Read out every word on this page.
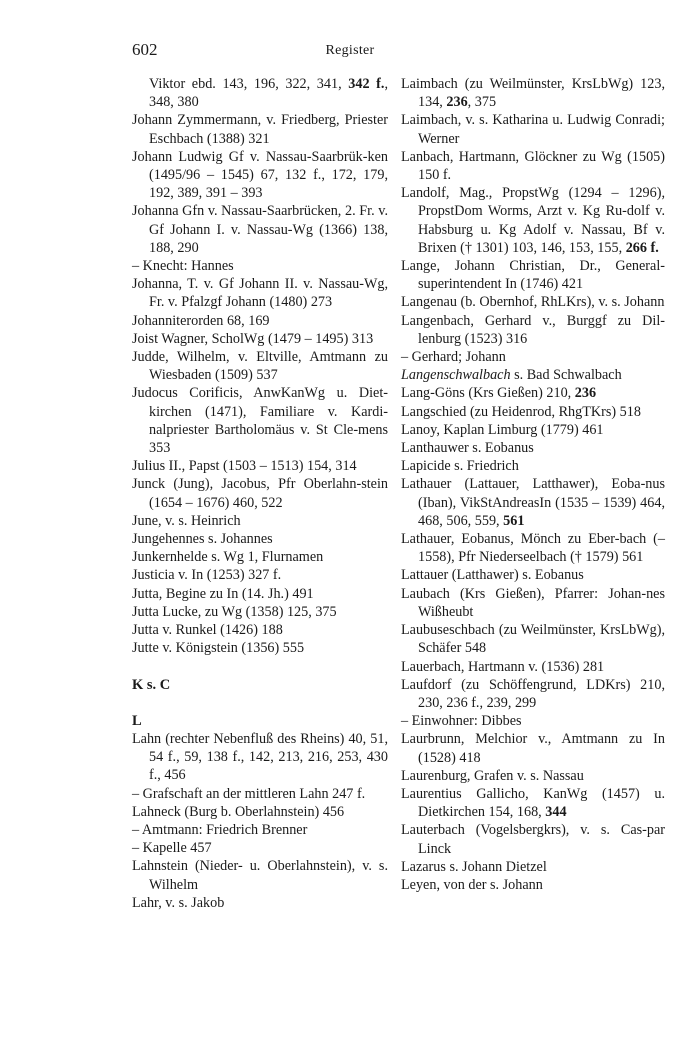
602	Register

Viktor ebd. 143, 196, 322, 341, 342 f., 348, 380

Johann Zymmermann, v. Friedberg, Priester Eschbach (1388) 321

Johann Ludwig Gf v. Nassau-Saarbrük-ken (1495/96 – 1545) 67, 132 f., 172, 179, 192, 389, 391 – 393

Johanna Gfn v. Nassau-Saarbrücken, 2. Fr. v. Gf Johann I. v. Nassau-Wg (1366) 138, 188, 290

– Knecht: Hannes

Johanna, T. v. Gf Johann II. v. Nassau-Wg, Fr. v. Pfalzgf Johann (1480) 273

Johanniterorden 68, 169

Joist Wagner, ScholWg (1479 – 1495) 313

Judde, Wilhelm, v. Eltville, Amtmann zu Wiesbaden (1509) 537

Judocus Corificis, AnwKanWg u. Diet-kirchen (1471), Familiare v. Kardi-nalpriester Bartholomäus v. St Cle-mens 353

Julius II., Papst (1503 – 1513) 154, 314

Junck (Jung), Jacobus, Pfr Oberlahn-stein (1654 – 1676) 460, 522

June, v. s. Heinrich

Jungehennes s. Johannes

Junkernhelde s. Wg 1, Flurnamen

Justicia v. In (1253) 327 f.

Jutta, Begine zu In (14. Jh.) 491

Jutta Lucke, zu Wg (1358) 125, 375

Jutta v. Runkel (1426) 188

Jutte v. Königstein (1356) 555

K s. C

L

Lahn (rechter Nebenfluß des Rheins) 40, 51, 54 f., 59, 138 f., 142, 213, 216, 253, 430 f., 456

– Grafschaft an der mittleren Lahn 247 f.

Lahneck (Burg b. Oberlahnstein) 456

– Amtmann: Friedrich Brenner

– Kapelle 457

Lahnstein (Nieder- u. Oberlahnstein), v. s. Wilhelm

Lahr, v. s. Jakob

Laimbach (zu Weilmünster, KrsLbWg) 123, 134, 236, 375

Laimbach, v. s. Katharina u. Ludwig Conradi; Werner

Lanbach, Hartmann, Glöckner zu Wg (1505) 150 f.

Landolf, Mag., PropstWg (1294 – 1296), PropstDom Worms, Arzt v. Kg Ru-dolf v. Habsburg u. Kg Adolf v. Nassau, Bf v. Brixen († 1301) 103, 146, 153, 155, 266 f.

Lange, Johann Christian, Dr., General-superintendent In (1746) 421

Langenau (b. Obernhof, RhLKrs), v. s. Johann

Langenbach, Gerhard v., Burggf zu Dil-lenburg (1523) 316

– Gerhard; Johann

Langenschwalbach s. Bad Schwalbach

Lang-Göns (Krs Gießen) 210, 236

Langschied (zu Heidenrod, RhgTKrs) 518

Lanoy, Kaplan Limburg (1779) 461

Lanthauwer s. Eobanus

Lapicide s. Friedrich

Lathauer (Lattauer, Latthawer), Eoba-nus (Iban), VikStAndreasIn (1535 – 1539) 464, 468, 506, 559, 561

Lathauer, Eobanus, Mönch zu Eber-bach (– 1558), Pfr Niederseelbach († 1579) 561

Lattauer (Latthawer) s. Eobanus

Laubach (Krs Gießen), Pfarrer: Johan-nes Wißheubt

Laubuseschbach (zu Weilmünster, KrsLbWg), Schäfer 548

Lauerbach, Hartmann v. (1536) 281

Laufdorf (zu Schöffengrund, LDKrs) 210, 230, 236 f., 239, 299

– Einwohner: Dibbes

Laurbrunn, Melchior v., Amtmann zu In (1528) 418

Laurenburg, Grafen v. s. Nassau

Laurentius Gallicho, KanWg (1457) u. Dietkirchen 154, 168, 344

Lauterbach (Vogelsbergkrs), v. s. Cas-par Linck

Lazarus s. Johann Dietzel

Leyen, von der s. Johann
